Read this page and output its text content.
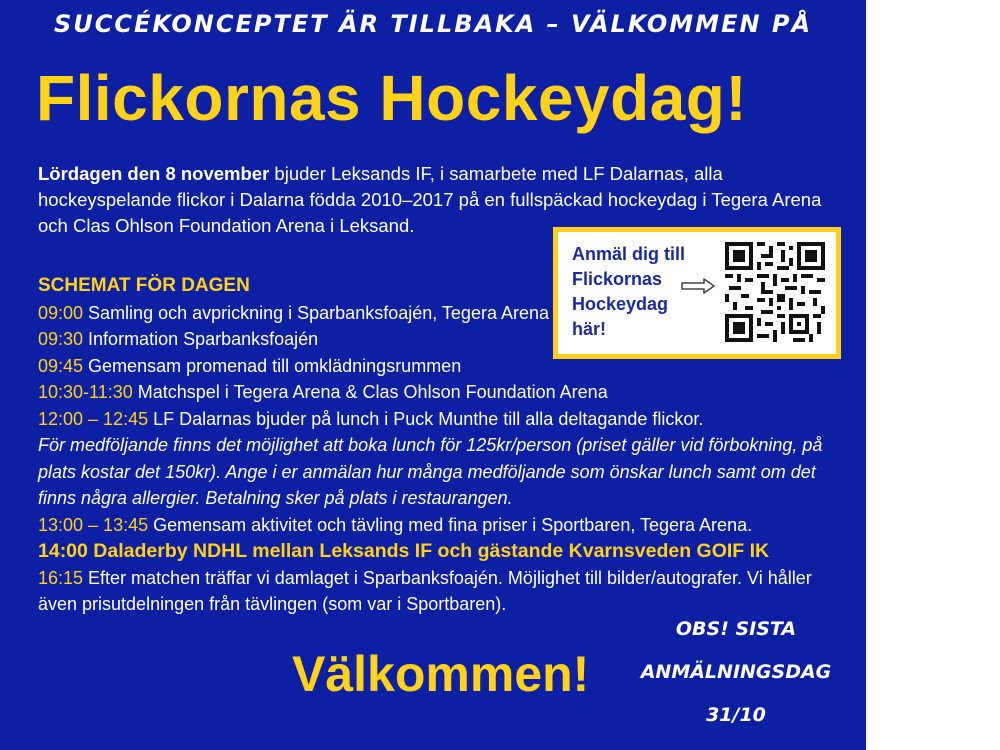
SUCCÉKONCEPTET ÄR TILLBAKA – VÄLKOMMEN PÅ
Flickornas Hockeydag!
Lördagen den 8 november bjuder Leksands IF, i samarbete med LF Dalarnas, alla hockeyspelande flickor i Dalarna födda 2010–2017 på en fullspäckad hockeydag i Tegera Arena och Clas Ohlson Foundation Arena i Leksand.
Anmäl dig till
Flickornas
Hockeydag
här!
SCHEMAT FÖR DAGEN
09:00 Samling och avprickning i Sparbanksfoajén, Tegera Arena
09:30 Information Sparbanksfoajén
09:45 Gemensam promenad till omklädningsrummen
10:30-11:30 Matchspel i Tegera Arena & Clas Ohlson Foundation Arena
12:00 – 12:45 LF Dalarnas bjuder på lunch i Puck Munthe till alla deltagande flickor.
För medföljande finns det möjlighet att boka lunch för 125kr/person (priset gäller vid förbokning, på plats kostar det 150kr). Ange i er anmälan hur många medföljande som önskar lunch samt om det finns några allergier. Betalning sker på plats i restaurangen.
13:00 – 13:45 Gemensam aktivitet och tävling med fina priser i Sportbaren, Tegera Arena.
14:00 Daladerby NDHL mellan Leksands IF och gästande Kvarnsveden GOIF IK
16:15 Efter matchen träffar vi damlaget i Sparbanksfoajén. Möjlighet till bilder/autografer. Vi håller
även prisutdelningen från tävlingen (som var i Sportbaren).
Välkommen!
OBS! SISTA
ANMÄLNINGSDAG
31/10
